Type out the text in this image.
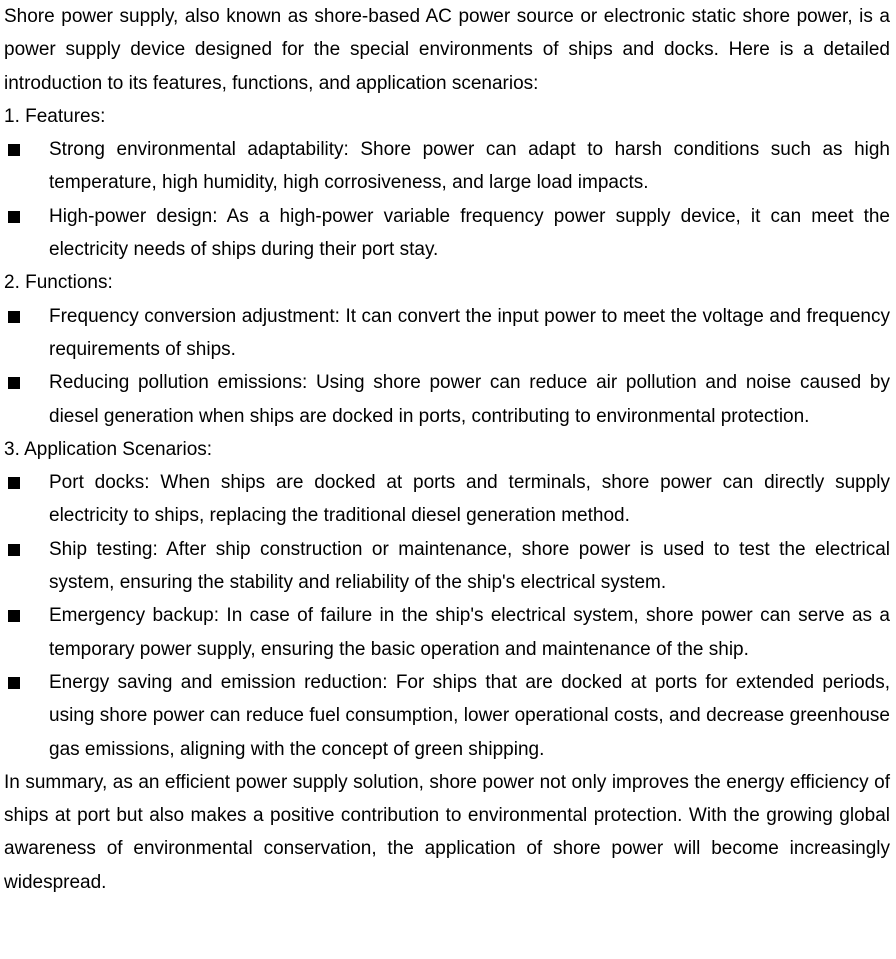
Shore power supply, also known as shore-based AC power source or electronic static shore power, is a power supply device designed for the special environments of ships and docks. Here is a detailed introduction to its features, functions, and application scenarios:

1. Features:

Strong environmental adaptability: Shore power can adapt to harsh conditions such as high temperature, high humidity, high corrosiveness, and large load impacts.
High-power design: As a high-power variable frequency power supply device, it can meet the electricity needs of ships during their port stay.

2. Functions:

Frequency conversion adjustment: It can convert the input power to meet the voltage and frequency requirements of ships.
Reducing pollution emissions: Using shore power can reduce air pollution and noise caused by diesel generation when ships are docked in ports, contributing to environmental protection.

3. Application Scenarios:

Port docks: When ships are docked at ports and terminals, shore power can directly supply electricity to ships, replacing the traditional diesel generation method.
Ship testing: After ship construction or maintenance, shore power is used to test the electrical system, ensuring the stability and reliability of the ship's electrical system.
Emergency backup: In case of failure in the ship's electrical system, shore power can serve as a temporary power supply, ensuring the basic operation and maintenance of the ship.
Energy saving and emission reduction: For ships that are docked at ports for extended periods, using shore power can reduce fuel consumption, lower operational costs, and decrease greenhouse gas emissions, aligning with the concept of green shipping.

In summary, as an efficient power supply solution, shore power not only improves the energy efficiency of ships at port but also makes a positive contribution to environmental protection. With the growing global awareness of environmental conservation, the application of shore power will become increasingly widespread.
